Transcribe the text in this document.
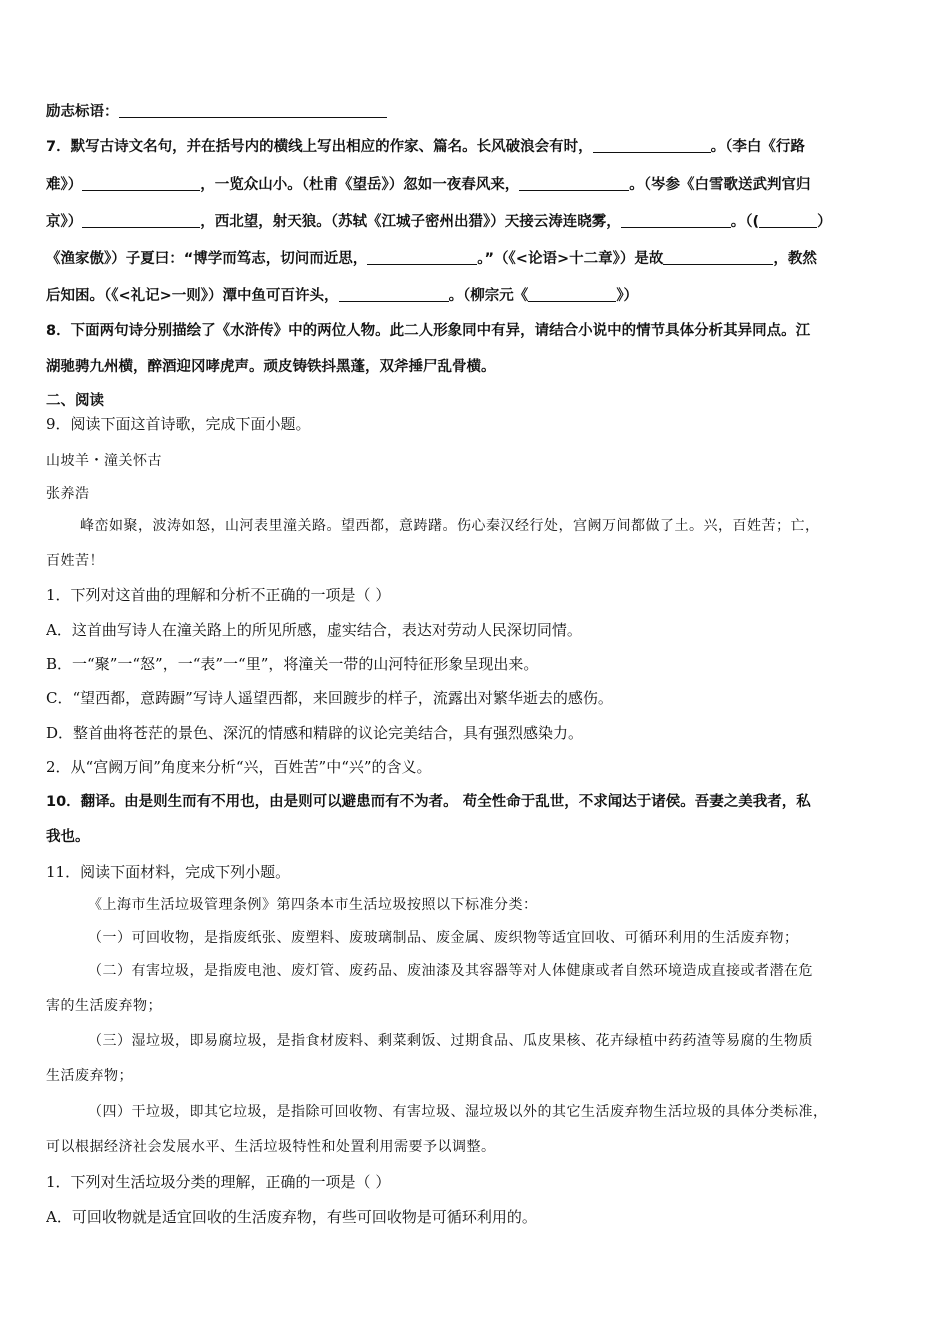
励志标语：
7．默写古诗文名句，并在括号内的横线上写出相应的作家、篇名。长风破浪会有时，	。（李白《行路
难》）	，一览众山小。（杜甫《望岳》）忽如一夜春风来，	。（岑参《白雪歌送武判官归
京》）	，西北望，射天狼。（苏轼《江城子密州出猎》）天接云涛连晓雾，	。（(	）
《渔家傲》）子夏曰：“博学而笃志，切问而近思，	。”（《<论语>十二章》）是故	，教然
后知困。（《<礼记>一则》）潭中鱼可百许头，	。（柳宗元《	》）
8．下面两句诗分别描绘了《水浒传》中的两位人物。此二人形象同中有异，请结合小说中的情节具体分析其异同点。江
湖驰骋九州横，醉酒迎冈哮虎声。顽皮铸铁抖黑蓬，双斧捶尸乱骨横。
二、阅读
9．阅读下面这首诗歌，完成下面小题。
山坡羊・潼关怀古
张养浩
峰峦如聚，波涛如怒，山河表里潼关路。望西都，意踌躇。伤心秦汉经行处，宫阙万间都做了土。兴，百姓苦；亡，
百姓苦！
1．下列对这首曲的理解和分析不正确的一项是（ ）
A．这首曲写诗人在潼关路上的所见所感，虚实结合，表达对劳动人民深切同情。
B．一“聚”一“怒”，一“表”一“里”，将潼关一带的山河特征形象呈现出来。
C．“望西都，意踌蹰”写诗人遥望西都，来回踱步的样子，流露出对繁华逝去的感伤。
D．整首曲将苍茫的景色、深沉的情感和精辟的议论完美结合，具有强烈感染力。
2．从“宫阙万间”角度来分析“兴，百姓苦”中“兴”的含义。
10．翻译。由是则生而有不用也，由是则可以避患而有不为者。 苟全性命于乱世，不求闻达于诸侯。吾妻之美我者，私
我也。
11．阅读下面材料，完成下列小题。
《上海市生活垃圾管理条例》第四条本市生活垃圾按照以下标准分类：
（一）可回收物，是指废纸张、废塑料、废玻璃制品、废金属、废织物等适宜回收、可循环利用的生活废弃物；
（二）有害垃圾，是指废电池、废灯管、废药品、废油漆及其容器等对人体健康或者自然环境造成直接或者潜在危
害的生活废弃物；
（三）湿垃圾，即易腐垃圾，是指食材废料、剩菜剩饭、过期食品、瓜皮果核、花卉绿植中药药渣等易腐的生物质
生活废弃物；
（四）干垃圾，即其它垃圾，是指除可回收物、有害垃圾、湿垃圾以外的其它生活废弃物生活垃圾的具体分类标准，
可以根据经济社会发展水平、生活垃圾特性和处置利用需要予以调整。
1．下列对生活垃圾分类的理解，正确的一项是（ ）
A．可回收物就是适宜回收的生活废弃物，有些可回收物是可循环利用的。
